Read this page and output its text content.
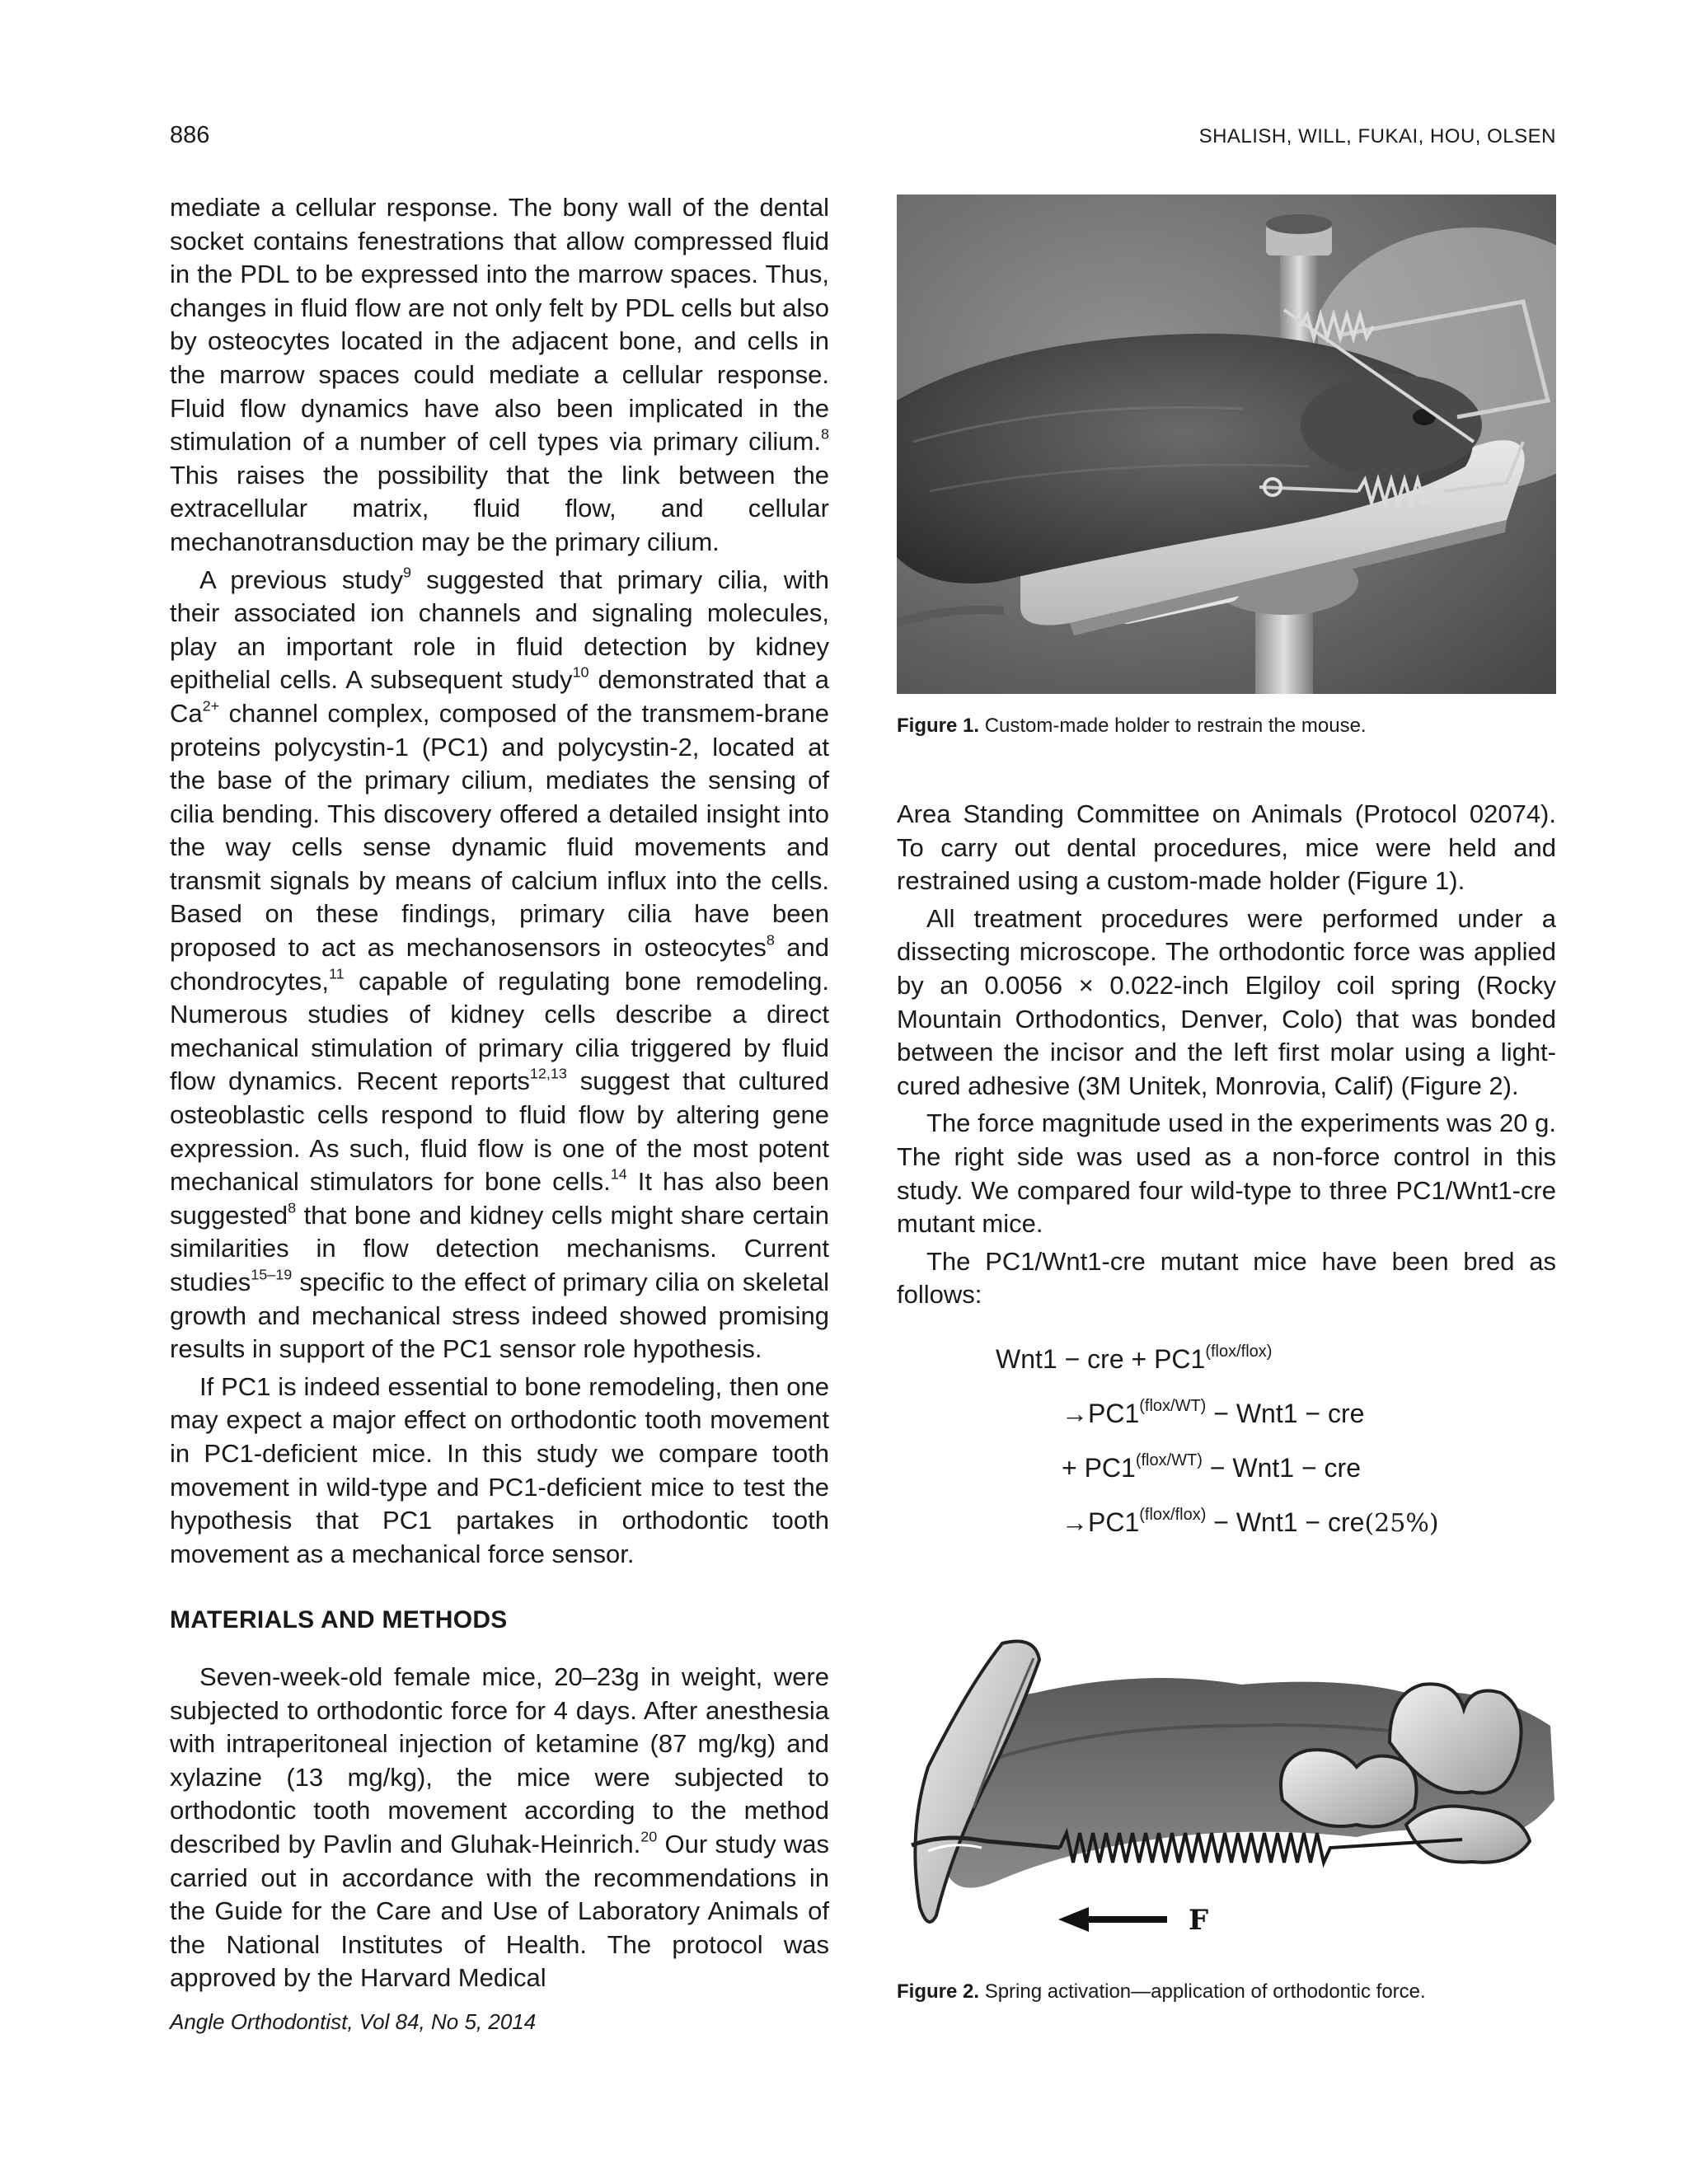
886	SHALISH, WILL, FUKAI, HOU, OLSEN

mediate a cellular response. The bony wall of the dental socket contains fenestrations that allow compressed fluid in the PDL to be expressed into the marrow spaces. Thus, changes in fluid flow are not only felt by PDL cells but also by osteocytes located in the adjacent bone, and cells in the marrow spaces could mediate a cellular response. Fluid flow dynamics have also been implicated in the stimulation of a number of cell types via primary cilium.$^8$ This raises the possibility that the link between the extracellular matrix, fluid flow, and cellular mechanotransduction may be the primary cilium.

A previous study$^9$ suggested that primary cilia, with their associated ion channels and signaling molecules, play an important role in fluid detection by kidney epithelial cells. A subsequent study$^{10}$ demonstrated that a $Ca^{2+}$ channel complex, composed of the transmem-brane proteins polycystin-1 (PC1) and polycystin-2, located at the base of the primary cilium, mediates the sensing of cilia bending. This discovery offered a detailed insight into the way cells sense dynamic fluid movements and transmit signals by means of calcium influx into the cells. Based on these findings, primary cilia have been proposed to act as mechanosensors in osteocytes$^8$ and chondrocytes,$^{11}$ capable of regulating bone remodeling. Numerous studies of kidney cells describe a direct mechanical stimulation of primary cilia triggered by fluid flow dynamics. Recent reports$^{12,13}$ suggest that cultured osteoblastic cells respond to fluid flow by altering gene expression. As such, fluid flow is one of the most potent mechanical stimulators for bone cells.$^{14}$ It has also been suggested$^8$ that bone and kidney cells might share certain similarities in flow detection mechanisms. Current studies$^{15-19}$ specific to the effect of primary cilia on skeletal growth and mechanical stress indeed showed promising results in support of the PC1 sensor role hypothesis.

If PC1 is indeed essential to bone remodeling, then one may expect a major effect on orthodontic tooth movement in PC1-deficient mice. In this study we compare tooth movement in wild-type and PC1-deficient mice to test the hypothesis that PC1 partakes in orthodontic tooth movement as a mechanical force sensor.

MATERIALS AND METHODS

Seven-week-old female mice, 20–23g in weight, were subjected to orthodontic force for 4 days. After anesthesia with intraperitoneal injection of ketamine (87 mg/kg) and xylazine (13 mg/kg), the mice were subjected to orthodontic tooth movement according to the method described by Pavlin and Gluhak-Heinrich.$^{20}$ Our study was carried out in accordance with the recommendations in the Guide for the Care and Use of Laboratory Animals of the National Institutes of Health. The protocol was approved by the Harvard Medical

Figure 1. Custom-made holder to restrain the mouse.

Area Standing Committee on Animals (Protocol 02074). To carry out dental procedures, mice were held and restrained using a custom-made holder (Figure 1).

All treatment procedures were performed under a dissecting microscope. The orthodontic force was applied by an 0.0056 × 0.022-inch Elgiloy coil spring (Rocky Mountain Orthodontics, Denver, Colo) that was bonded between the incisor and the left first molar using a light-cured adhesive (3M Unitek, Monrovia, Calif) (Figure 2).

The force magnitude used in the experiments was 20 g. The right side was used as a non-force control in this study. We compared four wild-type to three PC1/Wnt1-cre mutant mice.

The PC1/Wnt1-cre mutant mice have been bred as follows:

Wnt1 − cre + $PC1^{(flox/flox)}$
$\to PC1^{(flox/WT)} - Wnt1$ − cre
+ $PC1^{(flox/WT)} - Wnt1$ − cre
$\to PC1^{(flox/flox)} - Wnt1 - cre(25\%)$
F
Figure 2. Spring activation—application of orthodontic force.
Angle Orthodontist, Vol 84, No 5, 2014
